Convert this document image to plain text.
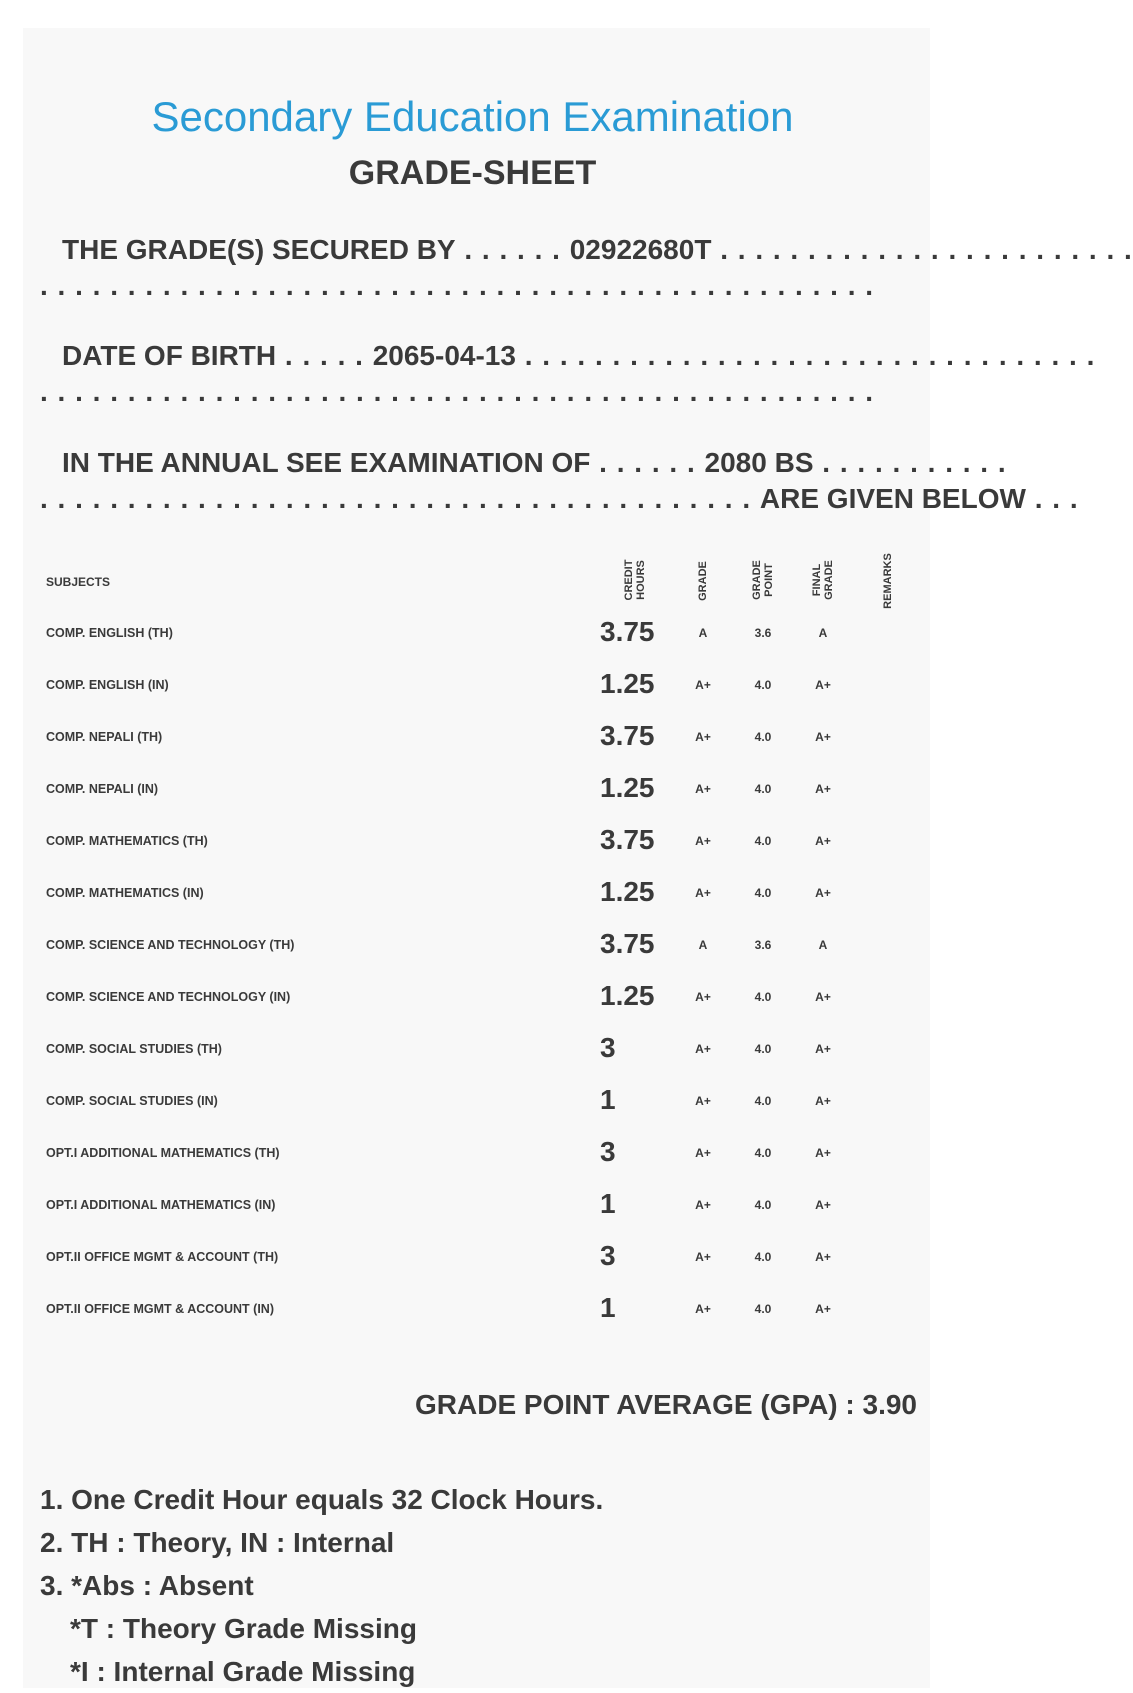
Secondary Education Examination
GRADE-SHEET
THE GRADE(S) SECURED BY . . . . . . 02922680T . . . . . . . . . . . . . . . . . . . . . . . .
. . . . . . . . . . . . . . . . . . . . . . . . . . . . . . . . . . . . . . . . . . . . . . . .
DATE OF BIRTH . . . . . 2065-04-13 . . . . . . . . . . . . . . . . . . . . . . . . . . . . . . . . .
. . . . . . . . . . . . . . . . . . . . . . . . . . . . . . . . . . . . . . . . . . . . . . . .
IN THE ANNUAL SEE EXAMINATION OF . . . . . . 2080 BS . . . . . . . . . . .
. . . . . . . . . . . . . . . . . . . . . . . . . . . . . . . . . . . . . . . . . ARE GIVEN BELOW . . .
SUBJECTS	CREDIT HOURS	GRADE	GRADE POINT	FINAL GRADE	REMARKS
COMP. ENGLISH (TH)	3.75	A	3.6	A
COMP. ENGLISH (IN)	1.25	A+	4.0	A+
COMP. NEPALI (TH)	3.75	A+	4.0	A+
COMP. NEPALI (IN)	1.25	A+	4.0	A+
COMP. MATHEMATICS (TH)	3.75	A+	4.0	A+
COMP. MATHEMATICS (IN)	1.25	A+	4.0	A+
COMP. SCIENCE AND TECHNOLOGY (TH)	3.75	A	3.6	A
COMP. SCIENCE AND TECHNOLOGY (IN)	1.25	A+	4.0	A+
COMP. SOCIAL STUDIES (TH)	3	A+	4.0	A+
COMP. SOCIAL STUDIES (IN)	1	A+	4.0	A+
OPT.I ADDITIONAL MATHEMATICS (TH)	3	A+	4.0	A+
OPT.I ADDITIONAL MATHEMATICS (IN)	1	A+	4.0	A+
OPT.II OFFICE MGMT & ACCOUNT (TH)	3	A+	4.0	A+
OPT.II OFFICE MGMT & ACCOUNT (IN)	1	A+	4.0	A+
GRADE POINT AVERAGE (GPA) : 3.90
1. One Credit Hour equals 32 Clock Hours.
2. TH : Theory, IN : Internal
3. *Abs : Absent
*T : Theory Grade Missing
*I : Internal Grade Missing
